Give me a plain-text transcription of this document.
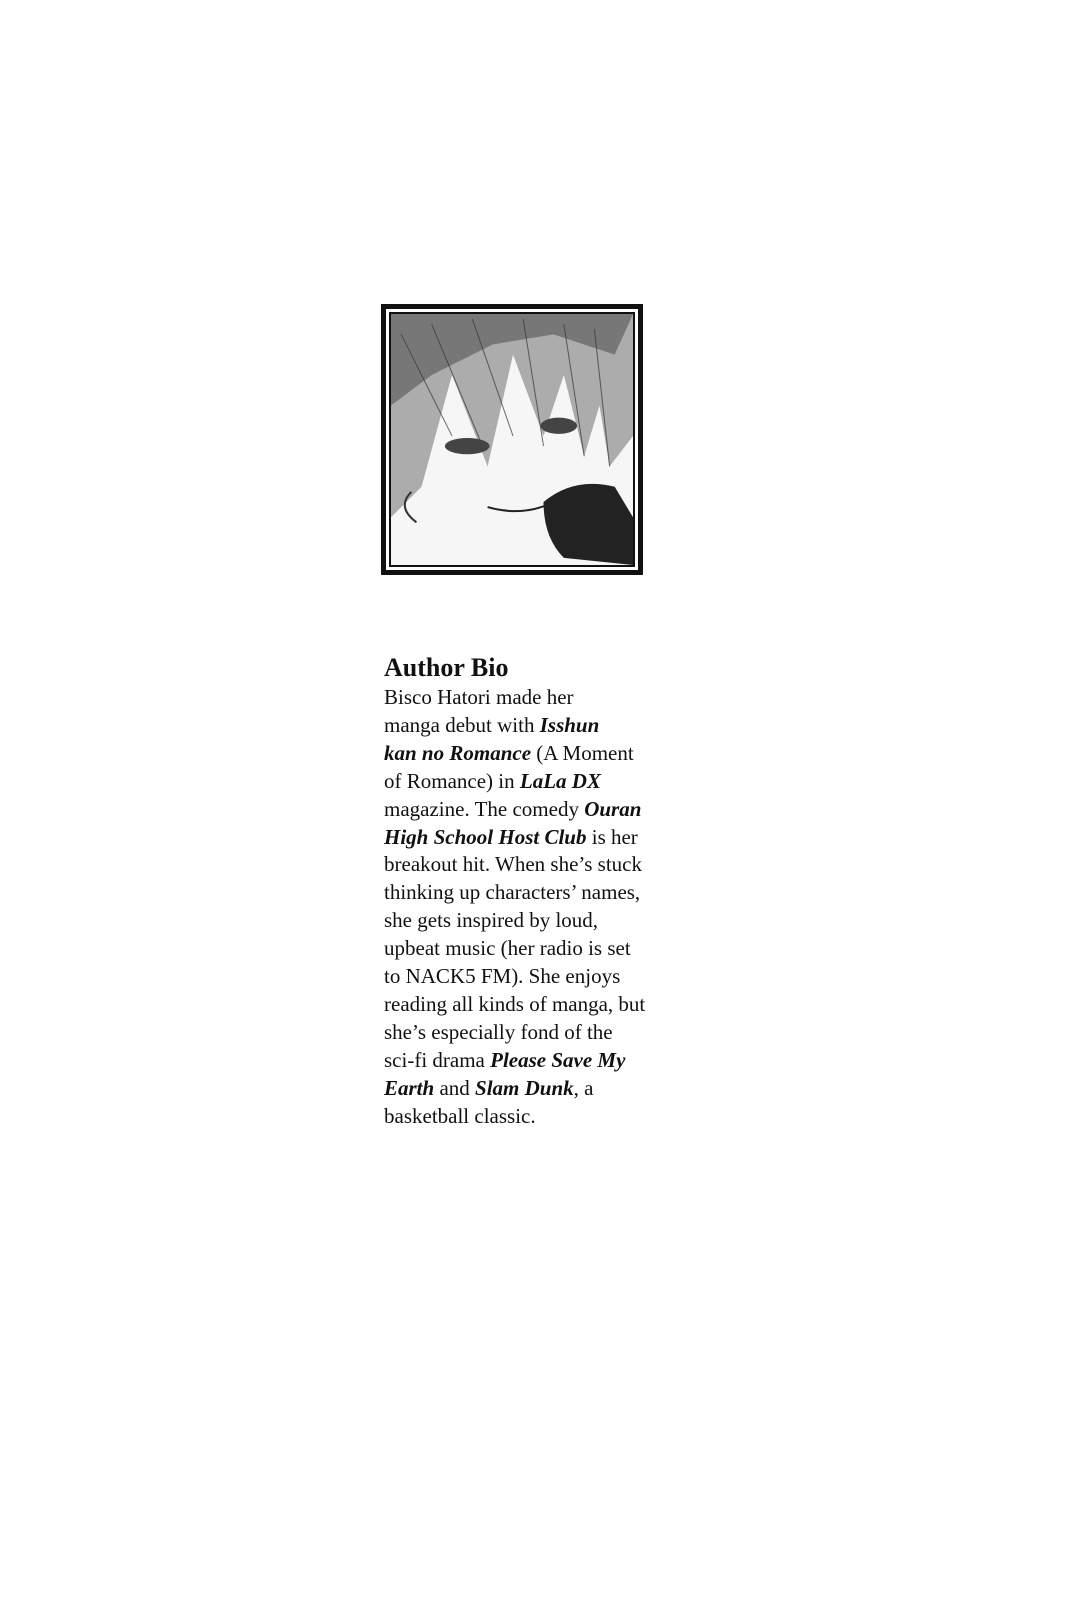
Author Bio
Bisco Hatori made her
manga debut with Isshun
kan no Romance (A Moment
of Romance) in LaLa DX
magazine. The comedy Ouran
High School Host Club is her
breakout hit. When she’s stuck
thinking up characters’ names,
she gets inspired by loud,
upbeat music (her radio is set
to NACK5 FM). She enjoys
reading all kinds of manga, but
she’s especially fond of the
sci-fi drama Please Save My
Earth and Slam Dunk, a
basketball classic.
